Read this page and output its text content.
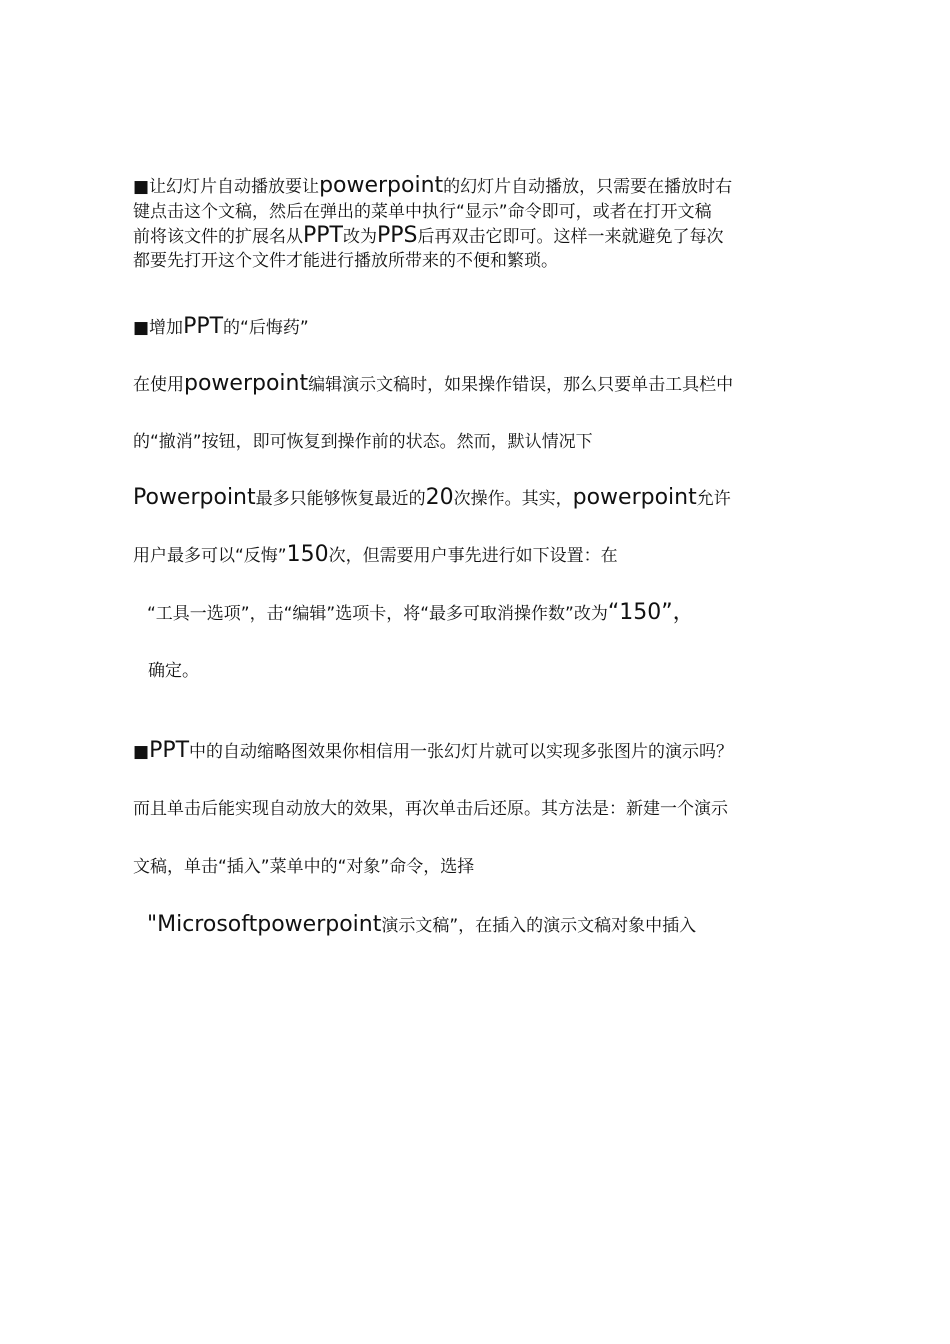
■让幻灯片自动播放要让powerpoint的幻灯片自动播放，只需要在播放时右
键点击这个文稿，然后在弹出的菜单中执行“显示”命令即可，或者在打开文稿
前将该文件的扩展名从PPT改为PPS后再双击它即可。这样一来就避免了每次
都要先打开这个文件才能进行播放所带来的不便和繁琐。
■增加PPT的“后悔药”
在使用powerpoint编辑演示文稿时，如果操作错误，那么只要单击工具栏中
的“撤消”按钮，即可恢复到操作前的状态。然而，默认情况下
Powerpoint最多只能够恢复最近的20次操作。其实，powerpoint允许
用户最多可以“反悔”150次，但需要用户事先进行如下设置：在
“工具一选项”，击“编辑”选项卡，将“最多可取消操作数”改为“150”，
确定。
■PPT中的自动缩略图效果你相信用一张幻灯片就可以实现多张图片的演示吗？
而且单击后能实现自动放大的效果，再次单击后还原。其方法是：新建一个演示
文稿，单击“插入”菜单中的“对象”命令，选择
"Microsoftpowerpoint演示文稿”，在插入的演示文稿对象中插入
